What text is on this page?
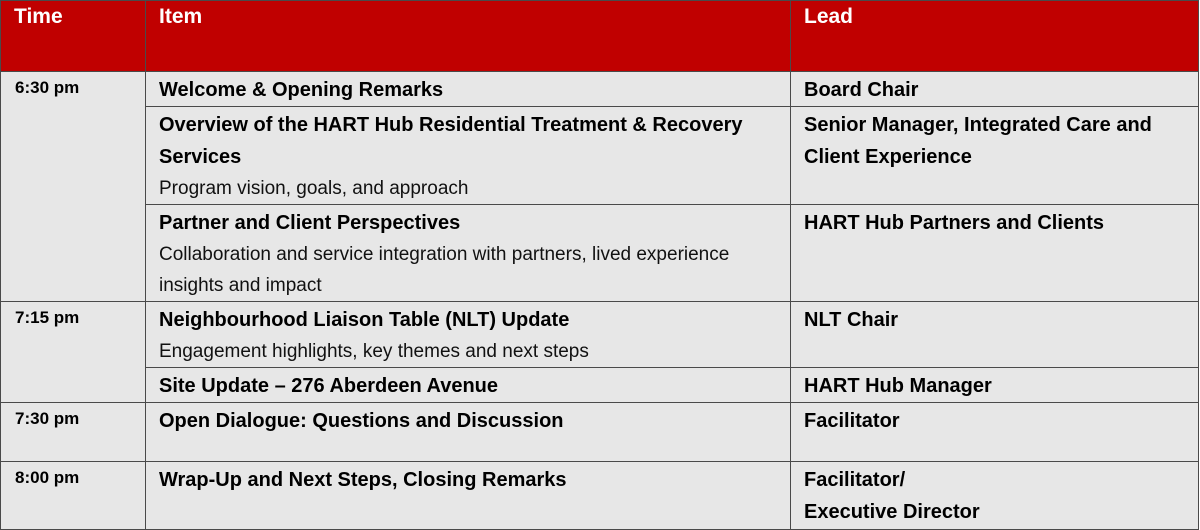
Time	Item	Lead
6:30 pm	Welcome & Opening Remarks	Board Chair

	Overview of the HART Hub Residential Treatment & Recovery Services
Program vision, goals, and approach	Senior Manager, Integrated Care and Client Experience

	Partner and Client Perspectives
Collaboration and service integration with partners, lived experience insights and impact	HART Hub Partners and Clients

7:15 pm	Neighbourhood Liaison Table (NLT) Update
Engagement highlights, key themes and next steps	NLT Chair

	Site Update – 276 Aberdeen Avenue	HART Hub Manager

7:30 pm	Open Dialogue: Questions and Discussion	Facilitator

8:00 pm	Wrap-Up and Next Steps, Closing Remarks	Facilitator/
Executive Director
